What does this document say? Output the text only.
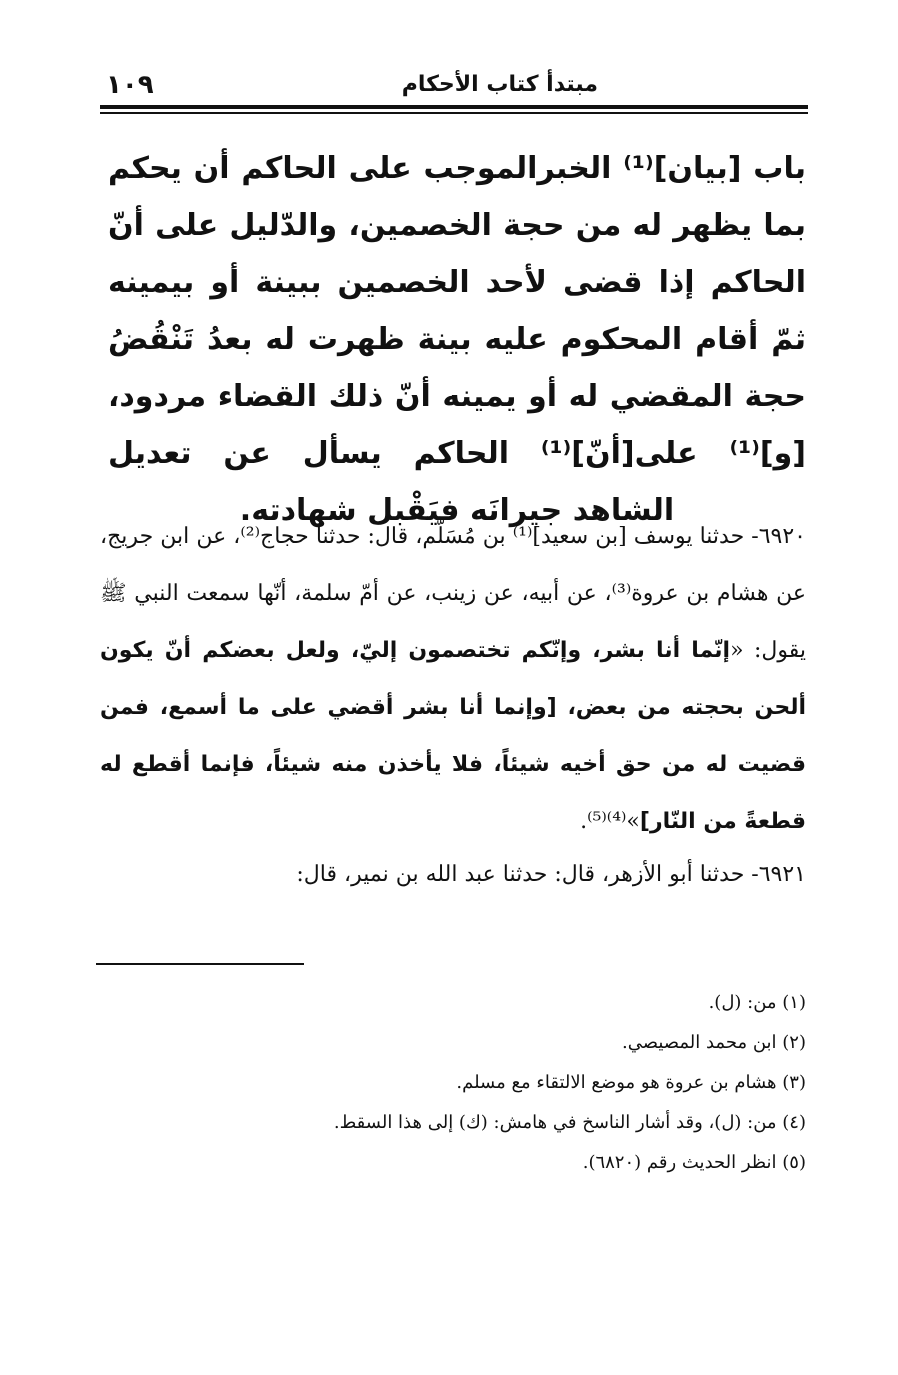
مبتدأ كتاب الأحكام
١٠٩
باب [بيان]⁽¹⁾ الخبرالموجب على الحاكم أن يحكم بما يظهر له من حجة الخصمين، والدّليل على أنّ الحاكم إذا قضى لأحد الخصمين ببينة أو بيمينه ثمّ أقام المحكوم عليه بينة ظهرت له بعدُ تَنْقُضُ حجة المقضي له أو يمينه أنّ ذلك القضاء مردود، [و]⁽¹⁾ على[أنّ]⁽¹⁾ الحاكم يسأل عن تعديل الشاهد جيرانَه فيَقْبل شهادته.
٦٩٢٠- حدثنا يوسف [بن سعيد]⁽¹⁾ بن مُسَلّم، قال: حدثنا حجاج⁽²⁾، عن ابن جريج، عن هشام بن عروة⁽³⁾، عن أبيه، عن زينب، عن أمّ سلمة، أنّها سمعت النبي ﷺ يقول: «إنّما أنا بشر، وإنّكم تختصمون إليّ، ولعل بعضكم أنّ يكون ألحن بحجته من بعض، [وإنما أنا بشر أقضي على ما أسمع، فمن قضيت له من حق أخيه شيئاً، فلا يأخذن منه شيئاً، فإنما أقطع له قطعةً من النّار]»⁽⁴⁾⁽⁵⁾.
٦٩٢١- حدثنا أبو الأزهر، قال: حدثنا عبد الله بن نمير، قال:
(١) من: (ل).
(٢) ابن محمد المصيصي.
(٣) هشام بن عروة هو موضع الالتقاء مع مسلم.
(٤) من: (ل)، وقد أشار الناسخ في هامش: (ك) إلى هذا السقط.
(٥) انظر الحديث رقم (٦٨٢٠).
